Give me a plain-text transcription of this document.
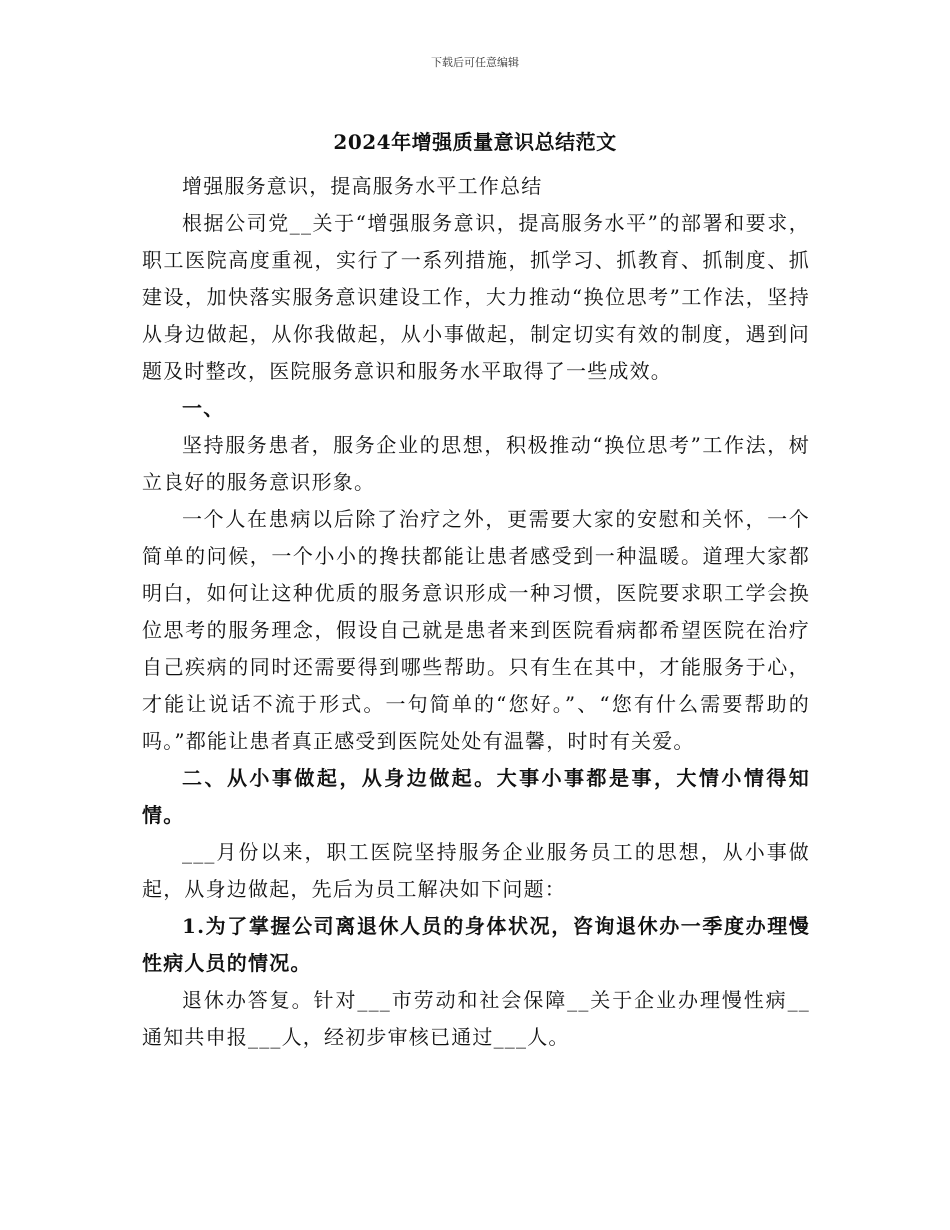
下载后可任意编辑
2024年增强质量意识总结范文

增强服务意识，提高服务水平工作总结

根据公司党__关于“增强服务意识，提高服务水平”的部署和要求，职工医院高度重视，实行了一系列措施，抓学习、抓教育、抓制度、抓建设，加快落实服务意识建设工作，大力推动“换位思考”工作法，坚持从身边做起，从你我做起，从小事做起，制定切实有效的制度，遇到问题及时整改，医院服务意识和服务水平取得了一些成效。

一、

坚持服务患者，服务企业的思想，积极推动“换位思考”工作法，树立良好的服务意识形象。

一个人在患病以后除了治疗之外，更需要大家的安慰和关怀，一个简单的问候，一个小小的搀扶都能让患者感受到一种温暖。道理大家都明白，如何让这种优质的服务意识形成一种习惯，医院要求职工学会换位思考的服务理念，假设自己就是患者来到医院看病都希望医院在治疗自己疾病的同时还需要得到哪些帮助。只有生在其中，才能服务于心，才能让说话不流于形式。一句简单的“您好。”、“您有什么需要帮助的吗。”都能让患者真正感受到医院处处有温馨，时时有关爱。

二、从小事做起，从身边做起。大事小事都是事，大情小情得知情。

___月份以来，职工医院坚持服务企业服务员工的思想，从小事做起，从身边做起，先后为员工解决如下问题：

1.为了掌握公司离退休人员的身体状况，咨询退休办一季度办理慢性病人员的情况。

退休办答复。针对___市劳动和社会保障__关于企业办理慢性病__通知共申报___人，经初步审核已通过___人。
